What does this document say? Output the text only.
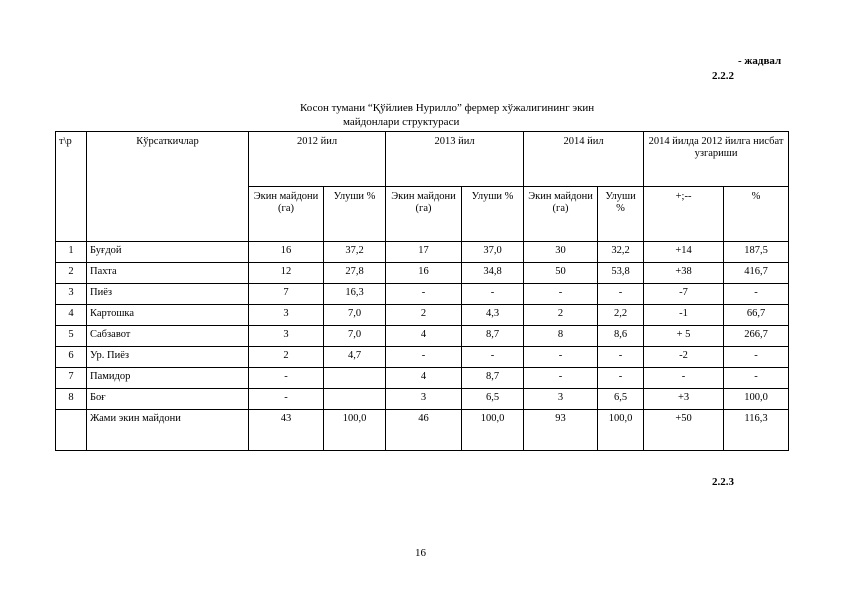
- жадвал
2.2.2
Косон тумани “Қўйлиев Нурилло” фермер хўжалигининг экин
майдонлари структураси
т\р	Кўрсаткичлар	2012 йил		2013 йил		2014 йил		2014 йилда 2012 йилга нисбат узгариши	
		Экин майдони (га)	Улуши %	Экин майдони (га)	Улуши %	Экин майдони (га)	Улуши %	+;--	%
1	Буғдой	16	37,2	17	37,0	30	32,2	+14	187,5
2	Пахта	12	27,8	16	34,8	50	53,8	+38	416,7
3	Пиёз	7	16,3	-	-	-	-	-7	-
4	Картошка	3	7,0	2	4,3	2	2,2	-1	66,7
5	Сабзавот	3	7,0	4	8,7	8	8,6	+ 5	266,7
6	Ур. Пиёз	2	4,7	-	-	-	-	-2	-
7	Памидор	-		4	8,7	-	-	-	-
8	Боғ	-		3	6,5	3	6,5	+3	100,0
	Жами экин майдони	43	100,0	46	100,0	93	100,0	+50	116,3
2.2.3
16
